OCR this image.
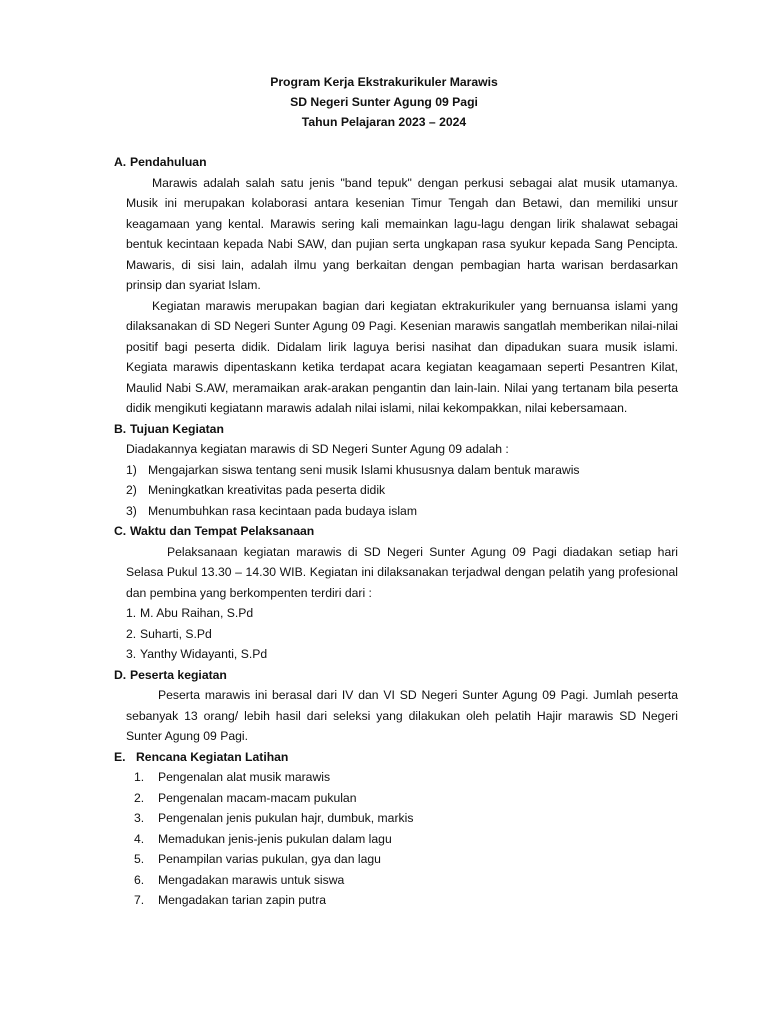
Program Kerja Ekstrakurikuler Marawis
SD Negeri Sunter Agung 09 Pagi
Tahun Pelajaran 2023 – 2024
A. Pendahuluan

Marawis adalah salah satu jenis "band tepuk" dengan perkusi sebagai alat musik utamanya. Musik ini merupakan kolaborasi antara kesenian Timur Tengah dan Betawi, dan memiliki unsur keagamaan yang kental. Marawis sering kali memainkan lagu-lagu dengan lirik shalawat sebagai bentuk kecintaan kepada Nabi SAW, dan pujian serta ungkapan rasa syukur kepada Sang Pencipta. Mawaris, di sisi lain, adalah ilmu yang berkaitan dengan pembagian harta warisan berdasarkan prinsip dan syariat Islam.

Kegiatan marawis merupakan bagian dari kegiatan ektrakurikuler yang bernuansa islami yang dilaksanakan di SD Negeri Sunter Agung 09 Pagi. Kesenian marawis sangatlah memberikan nilai-nilai positif bagi peserta didik. Didalam lirik laguya berisi nasihat dan dipadukan suara musik islami. Kegiata marawis dipentaskann ketika terdapat acara kegiatan keagamaan seperti Pesantren Kilat, Maulid Nabi S.AW, meramaikan arak-arakan pengantin dan lain-lain. Nilai yang tertanam bila peserta didik mengikuti kegiatann marawis adalah nilai islami, nilai kekompakkan, nilai kebersamaan.

B. Tujuan Kegiatan

Diadakannya kegiatan marawis di SD Negeri Sunter Agung 09 adalah :

1) Mengajarkan siswa tentang seni musik Islami khususnya dalam bentuk marawis
2) Meningkatkan kreativitas pada peserta didik
3) Menumbuhkan rasa kecintaan pada budaya islam
C. Waktu dan Tempat Pelaksanaan

Pelaksanaan kegiatan marawis di SD Negeri Sunter Agung 09 Pagi diadakan setiap hari Selasa Pukul 13.30 – 14.30 WIB. Kegiatan ini dilaksanakan terjadwal dengan pelatih yang profesional dan pembina yang berkompenten terdiri dari :

1. M. Abu Raihan, S.Pd
2. Suharti, S.Pd
3. Yanthy Widayanti, S.Pd
D. Peserta kegiatan

Peserta marawis ini berasal dari IV dan VI SD Negeri Sunter Agung 09 Pagi. Jumlah peserta sebanyak 13 orang/ lebih hasil dari seleksi yang dilakukan oleh pelatih Hajir marawis SD Negeri Sunter Agung 09 Pagi.

E. Rencana Kegiatan Latihan
1.	Pengenalan alat musik marawis
2.	Pengenalan macam-macam pukulan
3.	Pengenalan jenis pukulan hajr, dumbuk, markis
4.	Memadukan jenis-jenis pukulan dalam lagu
5.	Penampilan varias pukulan, gya dan lagu
6.	Mengadakan marawis untuk siswa
7.	Mengadakan tarian zapin putra
